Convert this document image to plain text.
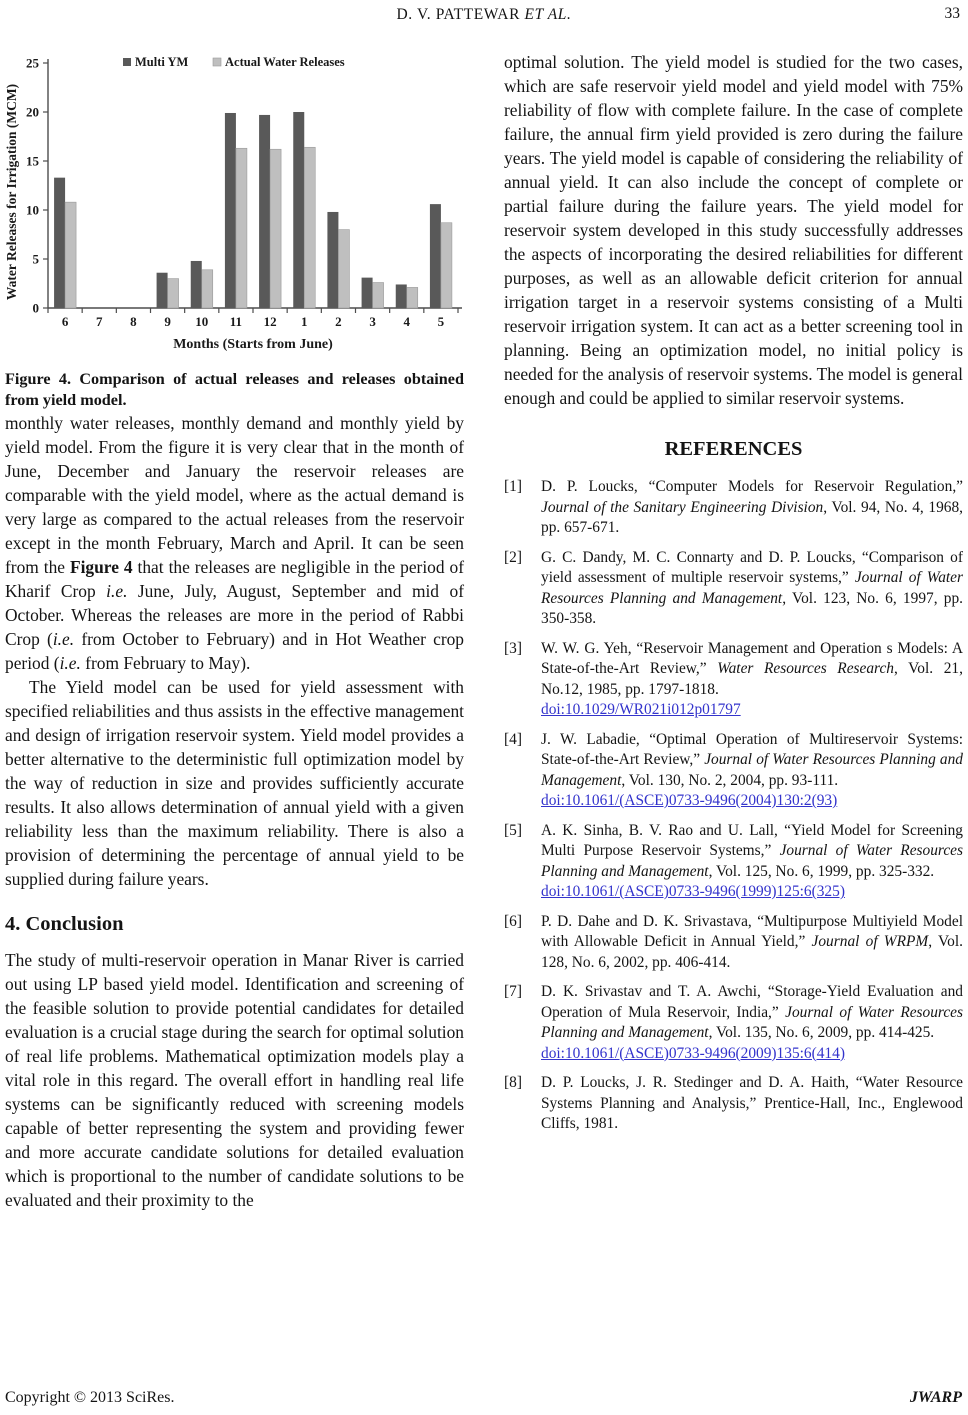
D. V. PATTEWAR ET AL.	33
0
5
10
15
20
25
6 7 8 9 10 11 12 1 2 3 4 5
Multi YM	Actual Water Releases
Water Releases for Irrigation (MCM)
Months (Starts from June)
Figure 4. Comparison of actual releases and releases obtained from yield model.

monthly water releases, monthly demand and monthly yield by yield model. From the figure it is very clear that in the month of June, December and January the reservoir releases are comparable with the yield model, where as the actual demand is very large as compared to the actual releases from the reservoir except in the month February, March and April. It can be seen from the Figure 4 that the releases are negligible in the period of Kharif Crop i.e. June, July, August, September and mid of October. Whereas the releases are more in the period of Rabbi Crop (i.e. from October to February) and in Hot Weather crop period (i.e. from February to May).

The Yield model can be used for yield assessment with specified reliabilities and thus assists in the effective management and design of irrigation reservoir system. Yield model provides a better alternative to the deterministic full optimization model by the way of reduction in size and provides sufficiently accurate results. It also allows determination of annual yield with a given reliability less than the maximum reliability. There is also a provision of determining the percentage of annual yield to be supplied during failure years.

4. Conclusion

The study of multi-reservoir operation in Manar River is carried out using LP based yield model. Identification and screening of the feasible solution to provide potential candidates for detailed evaluation is a crucial stage during the search for optimal solution of real life problems. Mathematical optimization models play a vital role in this regard. The overall effort in handling real life systems can be significantly reduced with screening models capable of better representing the system and providing fewer and more accurate candidate solutions for detailed evaluation which is proportional to the number of candidate solutions to be evaluated and their proximity to the

optimal solution. The yield model is studied for the two cases, which are safe reservoir yield model and yield model with 75% reliability of flow with complete failure. In the case of complete failure, the annual firm yield provided is zero during the failure years. The yield model is capable of considering the reliability of annual yield. It can also include the concept of complete or partial failure during the failure years. The yield model for reservoir system developed in this study successfully addresses the aspects of incorporating the desired reliabilities for different purposes, as well as an allowable deficit criterion for annual irrigation target in a reservoir systems consisting of a Multi reservoir irrigation system. It can act as a better screening tool in planning. Being an optimization model, no initial policy is needed for the analysis of reservoir systems. The model is general enough and could be applied to similar reservoir systems.

REFERENCES
[1]	D. P. Loucks, “Computer Models for Reservoir Regulation,” Journal of the Sanitary Engineering Division, Vol. 94, No. 4, 1968, pp. 657-671.
[2]	G. C. Dandy, M. C. Connarty and D. P. Loucks, “Comparison of yield assessment of multiple reservoir systems,” Journal of Water Resources Planning and Management, Vol. 123, No. 6, 1997, pp. 350-358.
[3]	W. W. G. Yeh, “Reservoir Management and Operation s Models: A State-of-the-Art Review,” Water Resources Research, Vol. 21, No.12, 1985, pp. 1797-1818.
doi:10.1029/WR021i012p01797
[4]	J. W. Labadie, “Optimal Operation of Multireservoir Systems: State-of-the-Art Review,” Journal of Water Resources Planning and Management, Vol. 130, No. 2, 2004, pp. 93-111.
doi:10.1061/(ASCE)0733-9496(2004)130:2(93)
[5]	A. K. Sinha, B. V. Rao and U. Lall, “Yield Model for Screening Multi Purpose Reservoir Systems,” Journal of Water Resources Planning and Management, Vol. 125, No. 6, 1999, pp. 325-332.
doi:10.1061/(ASCE)0733-9496(1999)125:6(325)
[6]	P. D. Dahe and D. K. Srivastava, “Multipurpose Multiyield Model with Allowable Deficit in Annual Yield,” Journal of WRPM, Vol. 128, No. 6, 2002, pp. 406-414.
[7]	D. K. Srivastav and T. A. Awchi, “Storage-Yield Evaluation and Operation of Mula Reservoir, India,” Journal of Water Resources Planning and Management, Vol. 135, No. 6, 2009, pp. 414-425.
doi:10.1061/(ASCE)0733-9496(2009)135:6(414)
[8]	D. P. Loucks, J. R. Stedinger and D. A. Haith, “Water Resource Systems Planning and Analysis,” Prentice-Hall, Inc., Englewood Cliffs, 1981.
Copyright © 2013 SciRes.	JWARP
